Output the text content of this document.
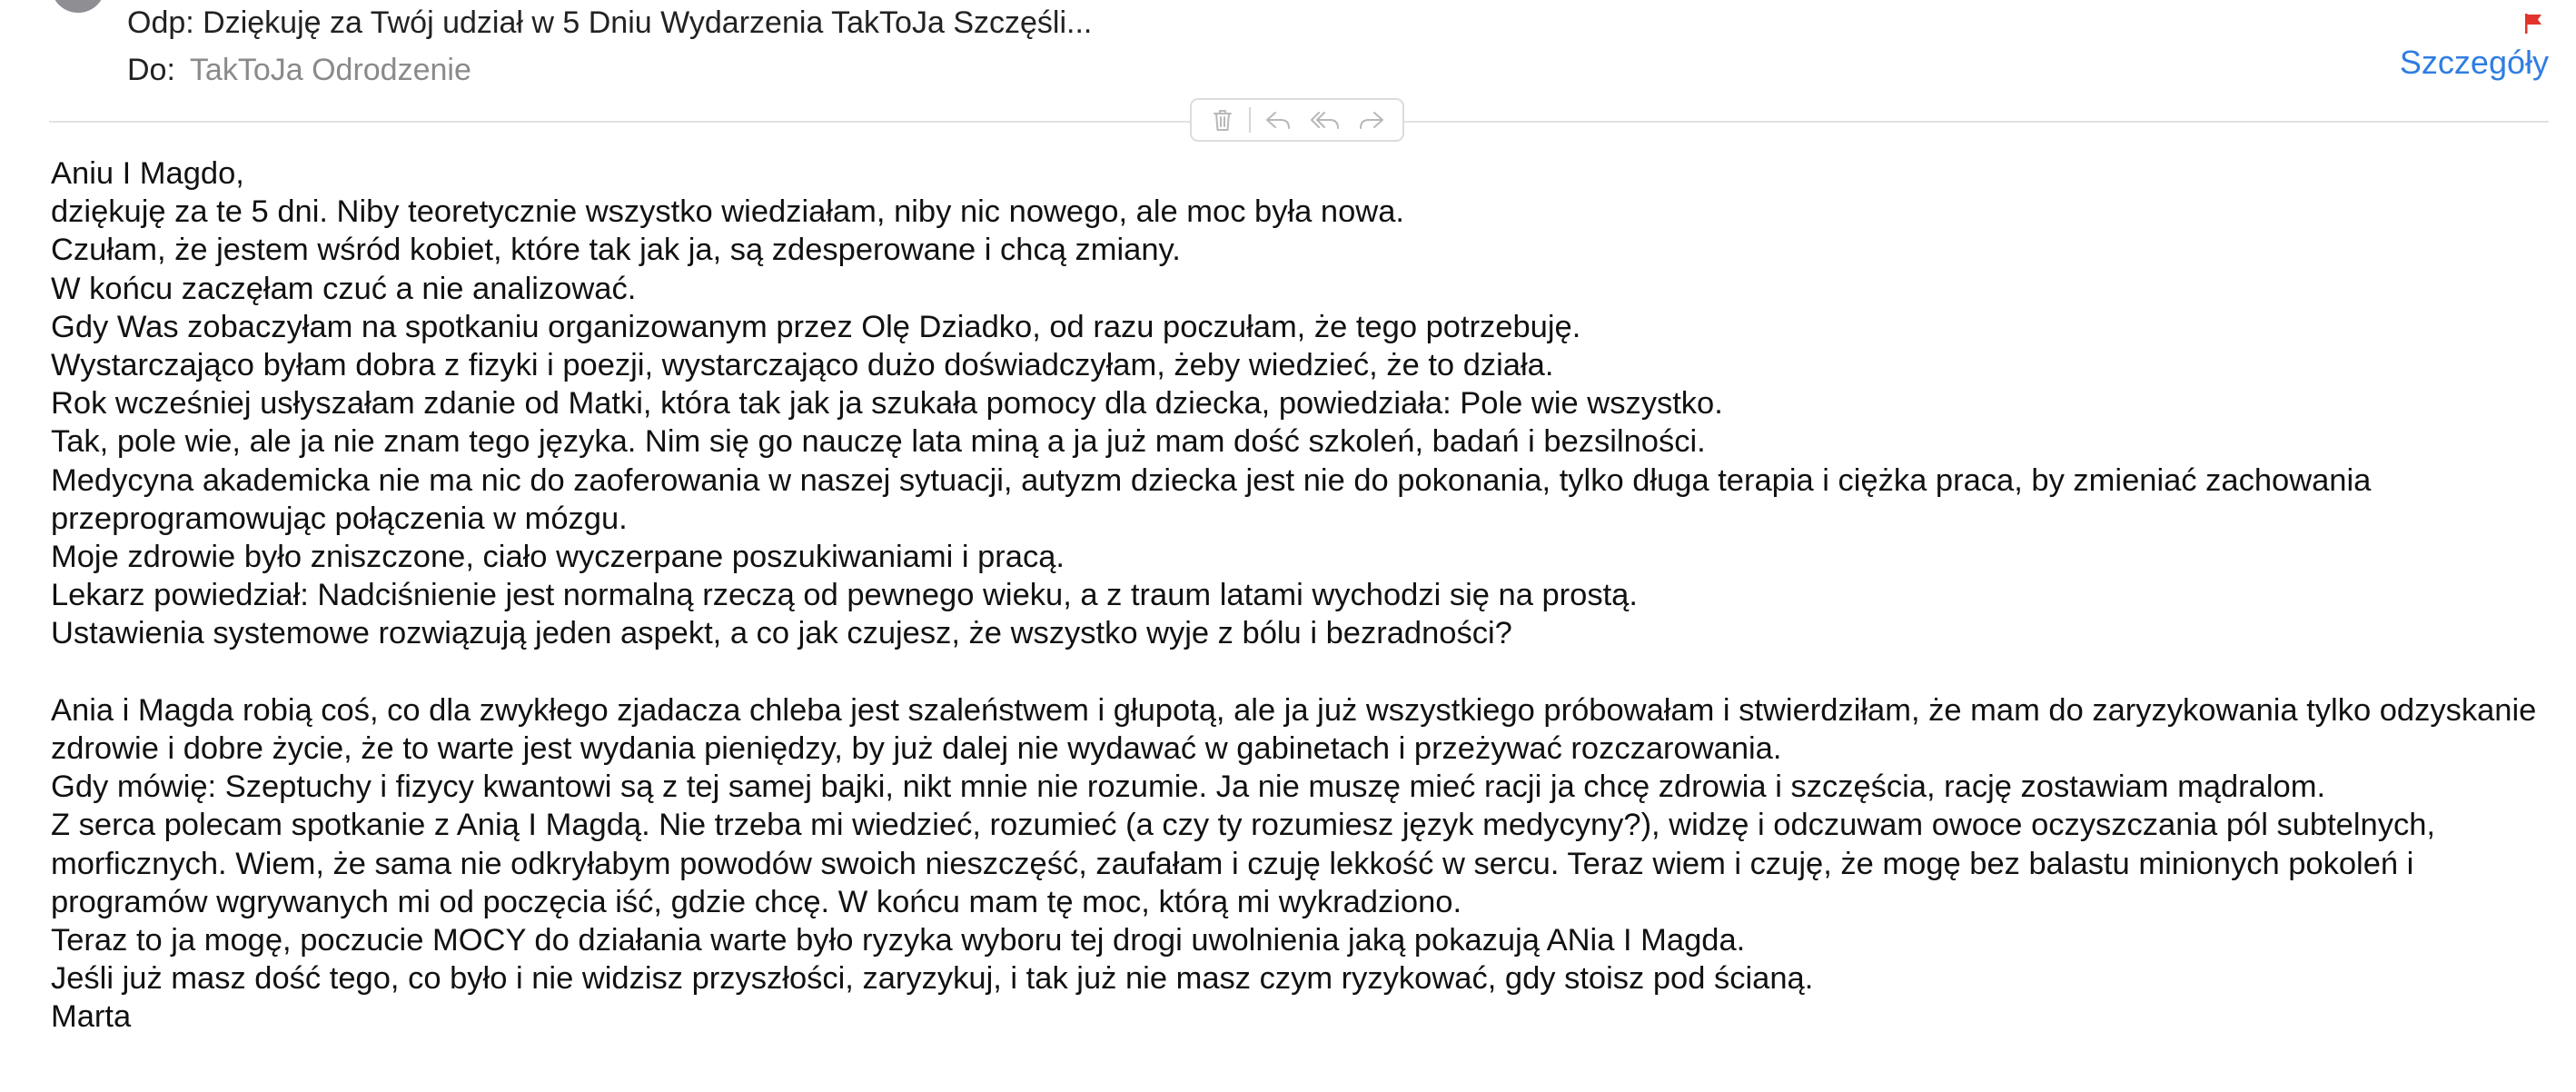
Odp: Dziękuję za Twój udział w 5 Dniu Wydarzenia TakToJa Szczęśli...
Do: TakToJa Odrodzenie	Szczegóły

Aniu I Magdo,

dziękuję za te 5 dni. Niby teoretycznie wszystko wiedziałam, niby nic nowego, ale moc była nowa.

Czułam, że jestem wśród kobiet, które tak jak ja, są zdesperowane i chcą zmiany.

W końcu zaczęłam czuć a nie analizować.

Gdy Was zobaczyłam na spotkaniu organizowanym przez Olę Dziadko, od razu poczułam, że tego potrzebuję.

Wystarczająco byłam dobra z fizyki i poezji, wystarczająco dużo doświadczyłam, żeby wiedzieć, że to działa.

Rok wcześniej usłyszałam zdanie od Matki, która tak jak ja szukała pomocy dla dziecka, powiedziała: Pole wie wszystko.

Tak, pole wie, ale ja nie znam tego języka. Nim się go nauczę lata miną a ja już mam dość szkoleń, badań i bezsilności.

Medycyna akademicka nie ma nic do zaoferowania w naszej sytuacji, autyzm dziecka jest nie do pokonania, tylko długa terapia i ciężka praca, by zmieniać zachowania przeprogramowując połączenia w mózgu.

Moje zdrowie było zniszczone, ciało wyczerpane poszukiwaniami i pracą.

Lekarz powiedział: Nadciśnienie jest normalną rzeczą od pewnego wieku, a z traum latami wychodzi się na prostą.

Ustawienia systemowe rozwiązują jeden aspekt, a co jak czujesz, że wszystko wyje z bólu i bezradności?

Ania i Magda robią coś, co dla zwykłego zjadacza chleba jest szaleństwem i głupotą, ale ja już wszystkiego próbowałam i stwierdziłam, że mam do zaryzykowania tylko odzyskanie zdrowie i dobre życie, że to warte jest wydania pieniędzy, by już dalej nie wydawać w gabinetach i przeżywać rozczarowania.

Gdy mówię: Szeptuchy i fizycy kwantowi są z tej samej bajki, nikt mnie nie rozumie. Ja nie muszę mieć racji ja chcę zdrowia i szczęścia, rację zostawiam mądralom.

Z serca polecam spotkanie z Anią I Magdą. Nie trzeba mi wiedzieć, rozumieć (a czy ty rozumiesz język medycyny?), widzę i odczuwam owoce oczyszczania pól subtelnych, morficznych. Wiem, że sama nie odkryłabym powodów swoich nieszczęść, zaufałam i czuję lekkość w sercu. Teraz wiem i czuję, że mogę bez balastu minionych pokoleń i programów wgrywanych mi od poczęcia iść, gdzie chcę. W końcu mam tę moc, którą mi wykradziono.

Teraz to ja mogę, poczucie MOCY do działania warte było ryzyka wyboru tej drogi uwolnienia jaką pokazują ANia I Magda.

Jeśli już masz dość tego, co było i nie widzisz przyszłości, zaryzykuj, i tak już nie masz czym ryzykować, gdy stoisz pod ścianą.

Marta
